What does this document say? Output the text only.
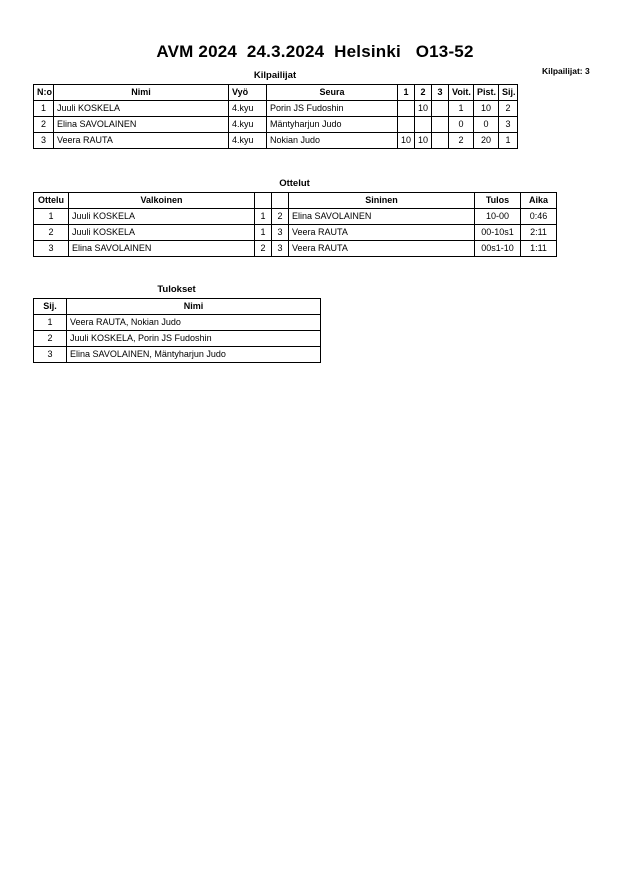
AVM 2024  24.3.2024  Helsinki   O13-52
Kilpailijat: 3
Kilpailijat
N:o	Nimi	Vyö	Seura	1	2	3	Voit.	Pist.	Sij.
1	Juuli KOSKELA	4.kyu	Porin JS Fudoshin		10		1	10	2
2	Elina SAVOLAINEN	4.kyu	Mäntyharjun Judo				0	0	3
3	Veera RAUTA	4.kyu	Nokian Judo	10	10		2	20	1
Ottelut
Ottelu	Valkoinen			Sininen	Tulos	Aika
1	Juuli KOSKELA	1	2	Elina SAVOLAINEN	10-00	0:46
2	Juuli KOSKELA	1	3	Veera RAUTA	00-10s1	2:11
3	Elina SAVOLAINEN	2	3	Veera RAUTA	00s1-10	1:11
Tulokset
Sij.	Nimi
1	Veera RAUTA, Nokian Judo
2	Juuli KOSKELA, Porin JS Fudoshin
3	Elina SAVOLAINEN, Mäntyharjun Judo
